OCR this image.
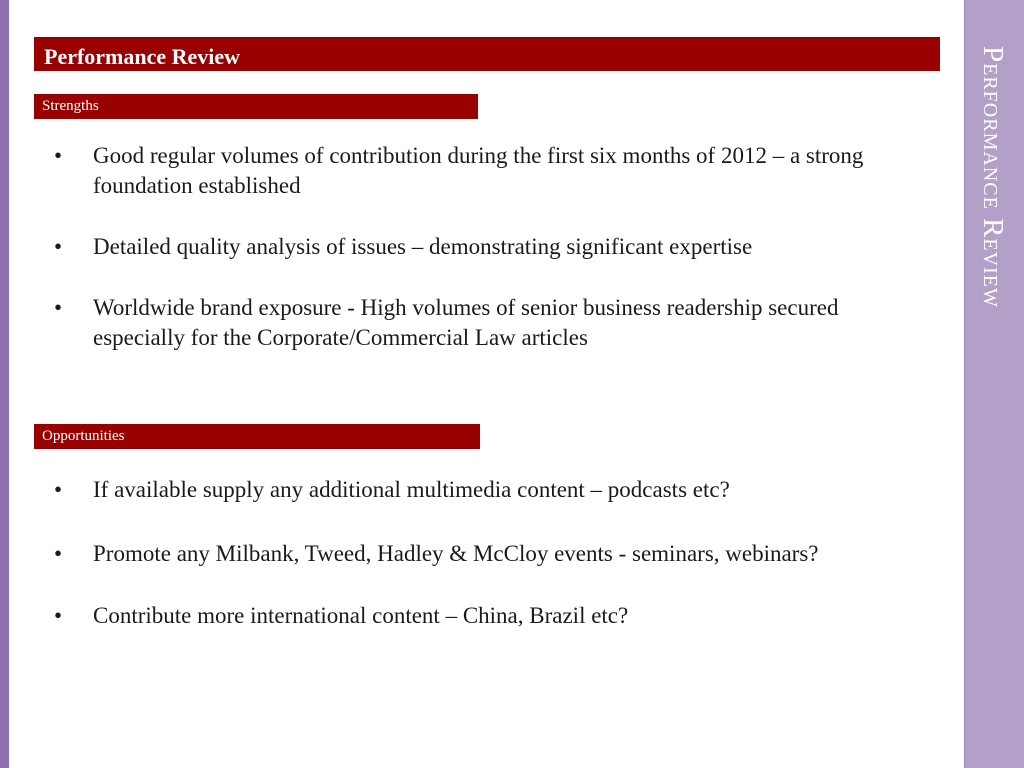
Performance Review
Performance Review
Strengths
• Good regular volumes of contribution during the first six months of 2012 – a strong foundation established
• Detailed quality analysis of issues – demonstrating significant expertise
• Worldwide brand exposure - High volumes of senior business readership secured especially for the Corporate/Commercial Law articles
Opportunities
• If available supply any additional multimedia content – podcasts etc?
• Promote any Milbank, Tweed, Hadley & McCloy events - seminars, webinars?
• Contribute more international content – China, Brazil etc?
